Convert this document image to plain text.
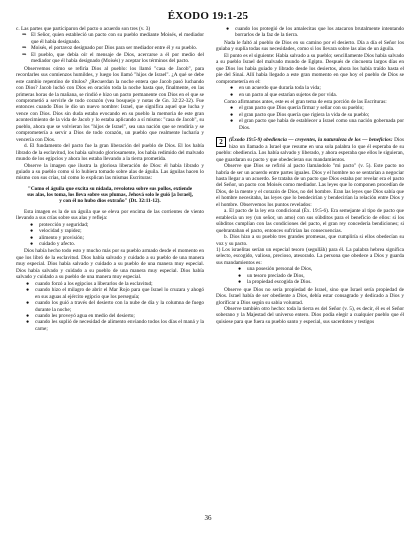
ÉXODO 19:1-25

c. Las partes que participaron del pacto o acuerdo son tres (v. 3)

⇒ El Señor, quien estableció un pacto con su pueblo mediante Moisés, el mediador que él había designado.
⇒ Moisés, el portavoz designado por Dios para ser mediador entre él y su pueblo.
⇒ El pueblo, que debía oír el mensaje de Dios, acercarse a él por medio del mediador que él había designado (Moisés) y aceptar los términos del pacto.

Observemos cómo se refiría Dios al pueblo: los llamó "casa de Jacob", para recordarles sus comienzos humildes, y luego los llamó "hijos de Israel". ¿A qué se debe este cambio repentino de títulos? ¿Recuerdan la noche entera que Jacob pasó luchando con Dios? Jacob luchó con Dios en oración toda la noche hasta que, finalmente, en las primeras horas de la mañana, se rindió e hizo un pacto permanente con Dios en el que se comprometió a servirle de todo corazón (vea bosquejo y notas de Gn. 32:22-32). Fue entonces cuando Dios le dio un nuevo nombre: Israel, que significa aquel que lucha y vence con Dios. Dios sin duda estaba evocando en su pueblo la memoria de este gran acontecimiento de la vida de Jacob y lo estaba aplicando a sí mismo: "casa de Jacob", su pueblo, ahora que se volvieran los "hijos de Israel", sea una nación que se rendiría y se comprometería a servir a Dios de todo corazón, un pueblo que realmente lucharía y vencería con Dios.

d. El fundamento del pacto fue la gran liberación del pueblo de Dios. El los había librado de la esclavitud, los había salvado gloriosamente, los había redimido del malvado mundo de los egipcios y ahora los estaba llevando a la tierra prometida.

Observe la imagen que ilustra la gloriosa liberación de Dios: él había librado y guiado a su pueblo como si lo hubiera tomado sobre alas de águila. Las águilas hacen lo mismo con sus crías, tal como lo explican las mismas Escrituras:

"Como el águila que excita su nidada, revolotea sobre sus pollos, extiende sus alas, los toma, los lleva sobre sus plumas, Jehová solo le guió [a Israel], y con él no hubo dios extraño" (Dt. 32:11-12).

Esta imagen es la de un águila que se eleva por encima de las corrientes de viento llevando a sus crías sobre sus alas y refleja:

●	protección y seguridad;
●	velocidad y rapidez;
●	alimento y provisión;
●	cuidado y afecto.

Dios había hecho todo esto y mucho más por su pueblo armado desde el momento en que los libró de la esclavitud. Dios había salvado y cuidado a su pueblo de una manera muy especial. Dios había salvado y cuidado a su pueblo de una manera muy especial. Dios había salvado y cuidado a su pueblo de una manera muy especial. Dios había salvado y cuidado a su pueblo de una manera muy especial.

●	cuando forzó a los egipcios a liberarlos de la esclavitud;
●	cuando hizo el milagro de abrir el Mar Rojo para que Israel lo cruzara y ahogó en sus aguas al ejército egipcio que los perseguía;
●	cuando los guió a través del desierto con la nube de día y la columna de fuego durante la noche;
●	cuando les proveyó agua en medio del desierto;
●	cuando les suplió de necesidad de alimento enviando todos los días el maná y la carne;
●	cuando los protegió de los amalecitas que los atacaron brutalmente intentando borrarlos de la faz de la tierra.

Nada le faltó al pueblo de Dios en su camino por el desierto. Día a día el Señor los guiaba y suplía todas sus necesidades, como si los llevara sobre las alas de un águila.

El punto es el siguiente: Había salvado a su pueblo; sencillamente Dios había salvado a su pueblo Israel del malvado mundo de Egipto. Después de cincuenta largos días en que Dios los había guiado y librado desde los desiertos, ahora los había traído hasta el pie del Sinaí. Allí había llegado a este gran momento en que hoy el pueblo de Dios se comprometería en el:

●	en un acuerdo que duraría toda la vida;
●	en un pacto al que estarían sujetos de por vida.

Como afirmamos antes, este es el gran tema de esta porción de las Escrituras:

●	el gran pacto que Dios quería firmar y sellar con su pueblo;
●	el gran pacto que Dios quería que rigiera la vida de su pueblo;
●	el gran pacto que había de establecer a Israel como una nación gobernada por Dios.

2	(Éxodo 19:5-9) obediencia — creyentes, la naturaleza de los — beneficios: Dios hizo un llamado a Israel que resume en una sola palabra lo que él esperaba de su pueblo: obediencia. Los había salvado y liberado, y ahora esperaba que ellos le siguieran, que guardaran su pacto y que obedecieran sus mandamientos.

Observe que Dios se refirió al pacto llamándolo "mi pacto" (v. 5). Este pacto no habría de ser un acuerdo entre partes iguales. Dios y el hombre no se sentarían a negociar hasta llegar a un acuerdo. Se trataba de un pacto que Dios estaba por revelar era el pacto del Señor, un pacto con Moisés como mediador. Las leyes que lo componen procedían de Dios, de la mente y el corazón de Dios, no del hombre. Eran las leyes que Dios sabía que el hombre necesitaba, las leyes que lo bendecirían y bendecirían la relación entre Dios y el hombre. Observemos los puntos revelados:

a. El pacto de la ley era condicional (Éx. 19:5-6). Era semejante al tipo de pacto que establecía un rey (un señor, un amo) con sus súbditos para el beneficio de ellos: si los súbditos cumplían con las condiciones del pacto, el gran rey concedería bendiciones; si quebrantaban el pacto, entonces sufrirían las consecuencias.

b. Dios hizo a su pueblo tres grandes promesas, que cumpliría si ellos obedecían su voz y su pacto.

1) Los israelitas serían un especial tesoro (segullāh) para él. La palabra hebrea significa selecto, escogido, valioso, precioso, atesorado. La persona que obedece a Dios y guarda sus mandamientos es:

●	una posesión personal de Dios,
●	un tesoro preciado de Dios,
●	la propiedad escogida de Dios.

Observe que Dios no sería propiedad de Israel, sino que Israel sería propiedad de Dios. Israel había de ser obediente a Dios, debía estar consagrado y dedicado a Dios y glorificar a Dios según su sabia voluntad.

Observe también otro hecho: toda la tierra es del Señor (v. 5), es decir, él es el Señor soberano y la Majestad del universo entero. Dios podía elegir a cualquier pueblo que él quisiese para que fuera su pueblo santo y especial, sus sacerdotes y testigos

36
